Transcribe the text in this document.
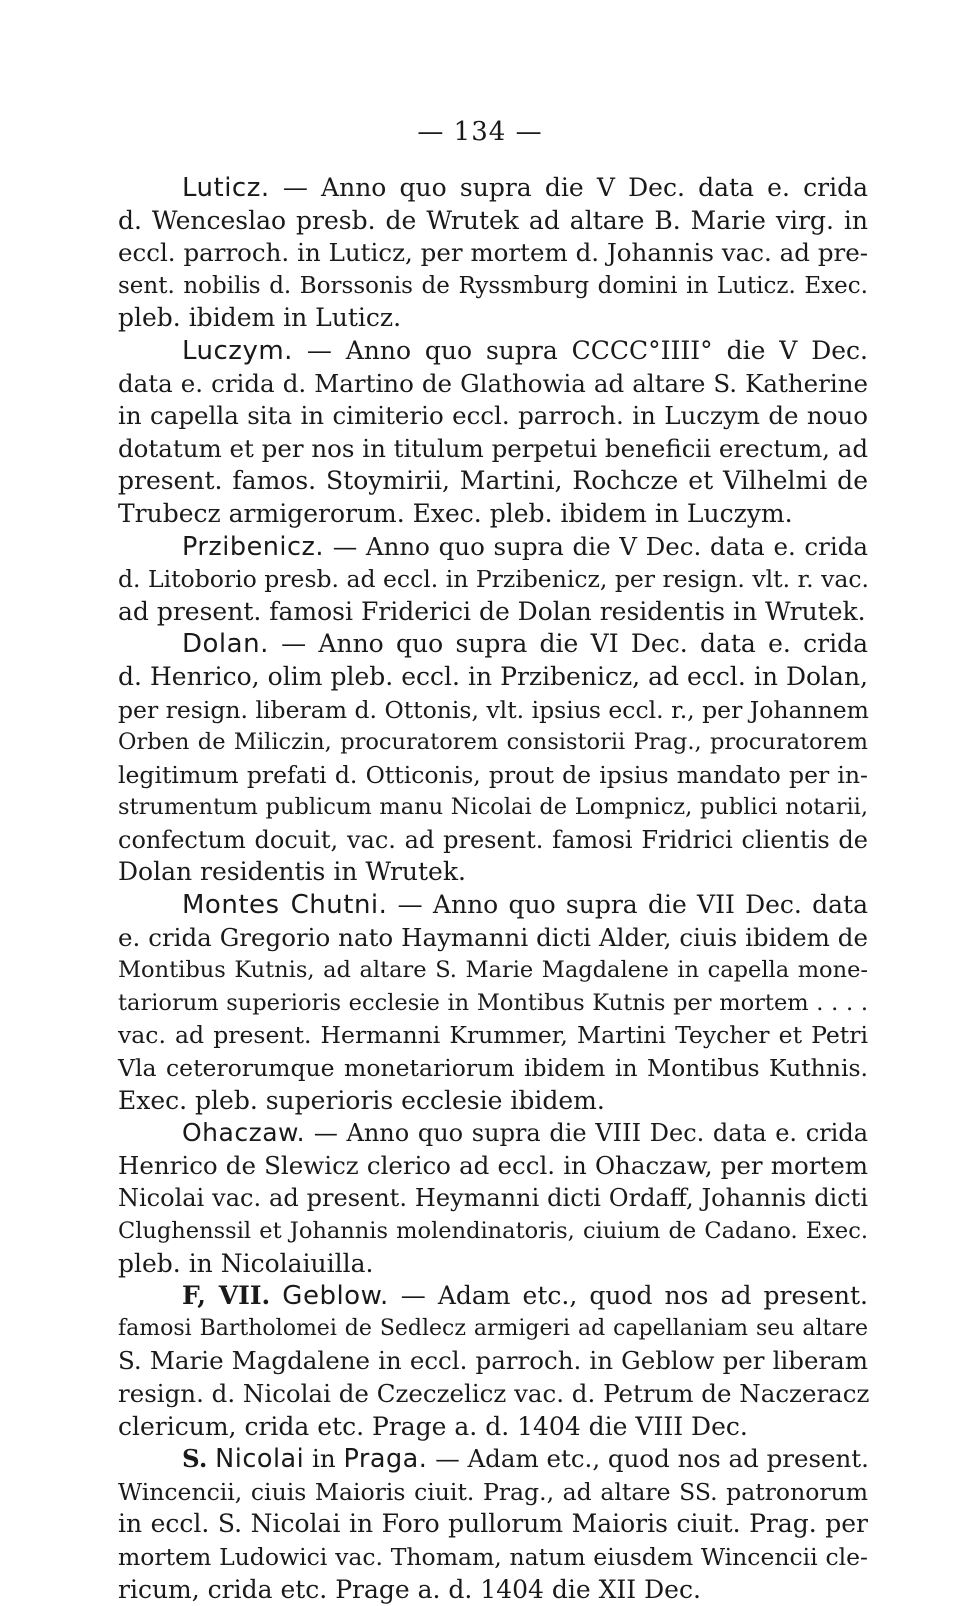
— 134 —
Luticz. — Anno quo supra die V Dec. data e. crida
d. Wenceslao presb. de Wrutek ad altare B. Marie virg. in
eccl. parroch. in Luticz, per mortem d. Johannis vac. ad pre-
sent. nobilis d. Borssonis de Ryssmburg domini in Luticz. Exec.
pleb. ibidem in Luticz.
Luczym. — Anno quo supra CCCC°IIII° die V Dec.
data e. crida d. Martino de Glathowia ad altare S. Katherine
in capella sita in cimiterio eccl. parroch. in Luczym de nouo
dotatum et per nos in titulum perpetui beneficii erectum, ad
present. famos. Stoymirii, Martini, Rochcze et Vilhelmi de
Trubecz armigerorum. Exec. pleb. ibidem in Luczym.
Przibenicz. — Anno quo supra die V Dec. data e. crida
d. Litoborio presb. ad eccl. in Przibenicz, per resign. vlt. r. vac.
ad present. famosi Friderici de Dolan residentis in Wrutek.
Dolan. — Anno quo supra die VI Dec. data e. crida
d. Henrico, olim pleb. eccl. in Przibenicz, ad eccl. in Dolan,
per resign. liberam d. Ottonis, vlt. ipsius eccl. r., per Johannem
Orben de Miliczin, procuratorem consistorii Prag., procuratorem
legitimum prefati d. Otticonis, prout de ipsius mandato per in-
strumentum publicum manu Nicolai de Lompnicz, publici notarii,
confectum docuit, vac. ad present. famosi Fridrici clientis de
Dolan residentis in Wrutek.
Montes Chutni. — Anno quo supra die VII Dec. data
e. crida Gregorio nato Haymanni dicti Alder, ciuis ibidem de
Montibus Kutnis, ad altare S. Marie Magdalene in capella mone-
tariorum superioris ecclesie in Montibus Kutnis per mortem . . . .
vac. ad present. Hermanni Krummer, Martini Teycher et Petri
Vla ceterorumque monetariorum ibidem in Montibus Kuthnis.
Exec. pleb. superioris ecclesie ibidem.
Ohaczaw. — Anno quo supra die VIII Dec. data e. crida
Henrico de Slewicz clerico ad eccl. in Ohaczaw, per mortem
Nicolai vac. ad present. Heymanni dicti Ordaff, Johannis dicti
Clughenssil et Johannis molendinatoris, ciuium de Cadano. Exec.
pleb. in Nicolaiuilla.
F, VII. Geblow. — Adam etc., quod nos ad present.
famosi Bartholomei de Sedlecz armigeri ad capellaniam seu altare
S. Marie Magdalene in eccl. parroch. in Geblow per liberam
resign. d. Nicolai de Czeczelicz vac. d. Petrum de Naczeracz
clericum, crida etc. Prage a. d. 1404 die VIII Dec.
S. Nicolai in Praga. — Adam etc., quod nos ad present.
Wincencii, ciuis Maioris ciuit. Prag., ad altare SS. patronorum
in eccl. S. Nicolai in Foro pullorum Maioris ciuit. Prag. per
mortem Ludowici vac. Thomam, natum eiusdem Wincencii cle-
ricum, crida etc. Prage a. d. 1404 die XII Dec.
